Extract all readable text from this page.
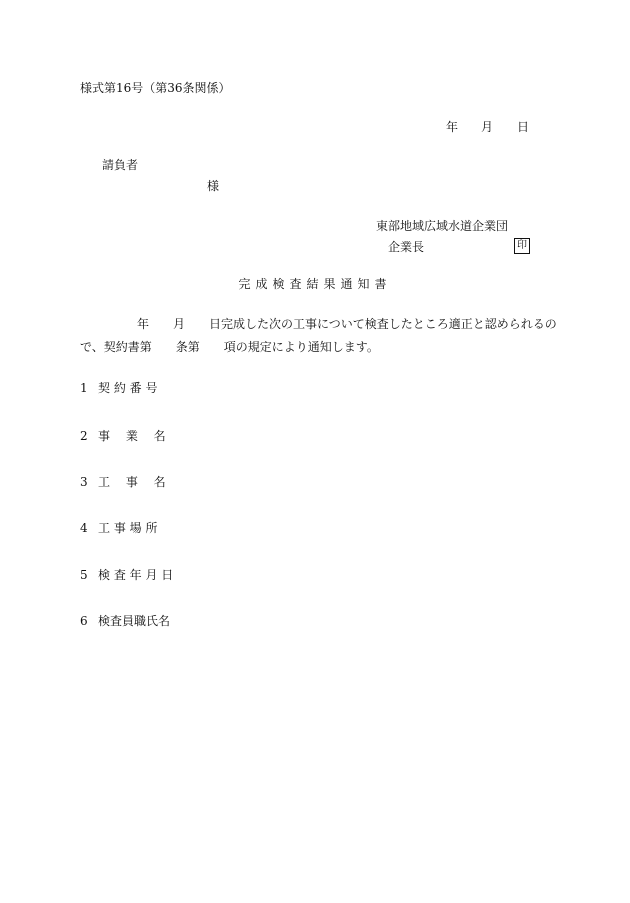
様式第16号（第36条関係）
年 月 日
請負者
様
東部地域広域水道企業団
企業長	印
完成検査結果通知書
年 月 日完成した次の工事について検査したところ適正と認められるの
で、契約書第 条第 項の規定により通知します。
1 契 約 番 号
2 事　 業　 名
3 工　 事　 名
4 工 事 場 所
5 検 査 年 月 日
6 検査員職氏名
